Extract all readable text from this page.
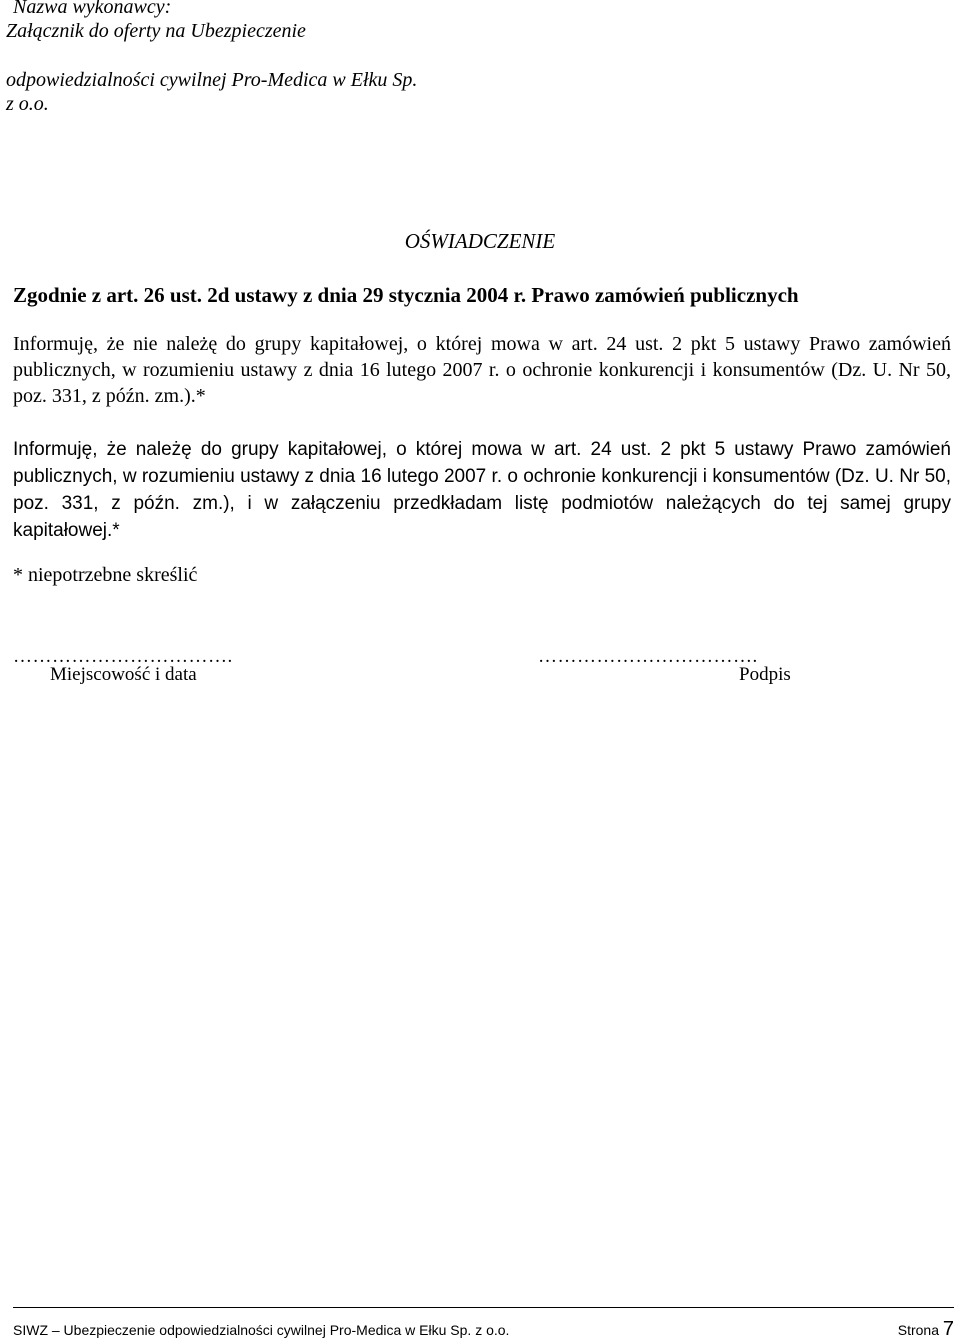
Nazwa wykonawcy:
Załącznik do oferty na Ubezpieczenie
odpowiedzialności cywilnej Pro-Medica w Ełku Sp.
z o.o.
OŚWIADCZENIE
Zgodnie z art. 26 ust. 2d ustawy z dnia 29 stycznia 2004 r. Prawo zamówień publicznych
Informuję, że nie należę do grupy kapitałowej, o której mowa w art. 24 ust. 2 pkt 5 ustawy Prawo zamówień publicznych, w rozumieniu ustawy z dnia 16 lutego 2007 r. o ochronie konkurencji i konsumentów (Dz. U. Nr 50, poz. 331, z późn. zm.).*
Informuję, że należę do grupy kapitałowej, o której mowa w art. 24 ust. 2 pkt 5 ustawy Prawo zamówień publicznych, w rozumieniu ustawy z dnia 16 lutego 2007 r. o ochronie konkurencji i konsumentów (Dz. U. Nr 50, poz. 331, z późn. zm.), i w załączeniu przedkładam listę podmiotów należących do tej samej grupy kapitałowej.*
* niepotrzebne skreślić
…………………………….
Miejscowość i data
…………………………….
Podpis
SIWZ – Ubezpieczenie odpowiedzialności cywilnej Pro-Medica w Ełku Sp. z o.o.	Strona 7
